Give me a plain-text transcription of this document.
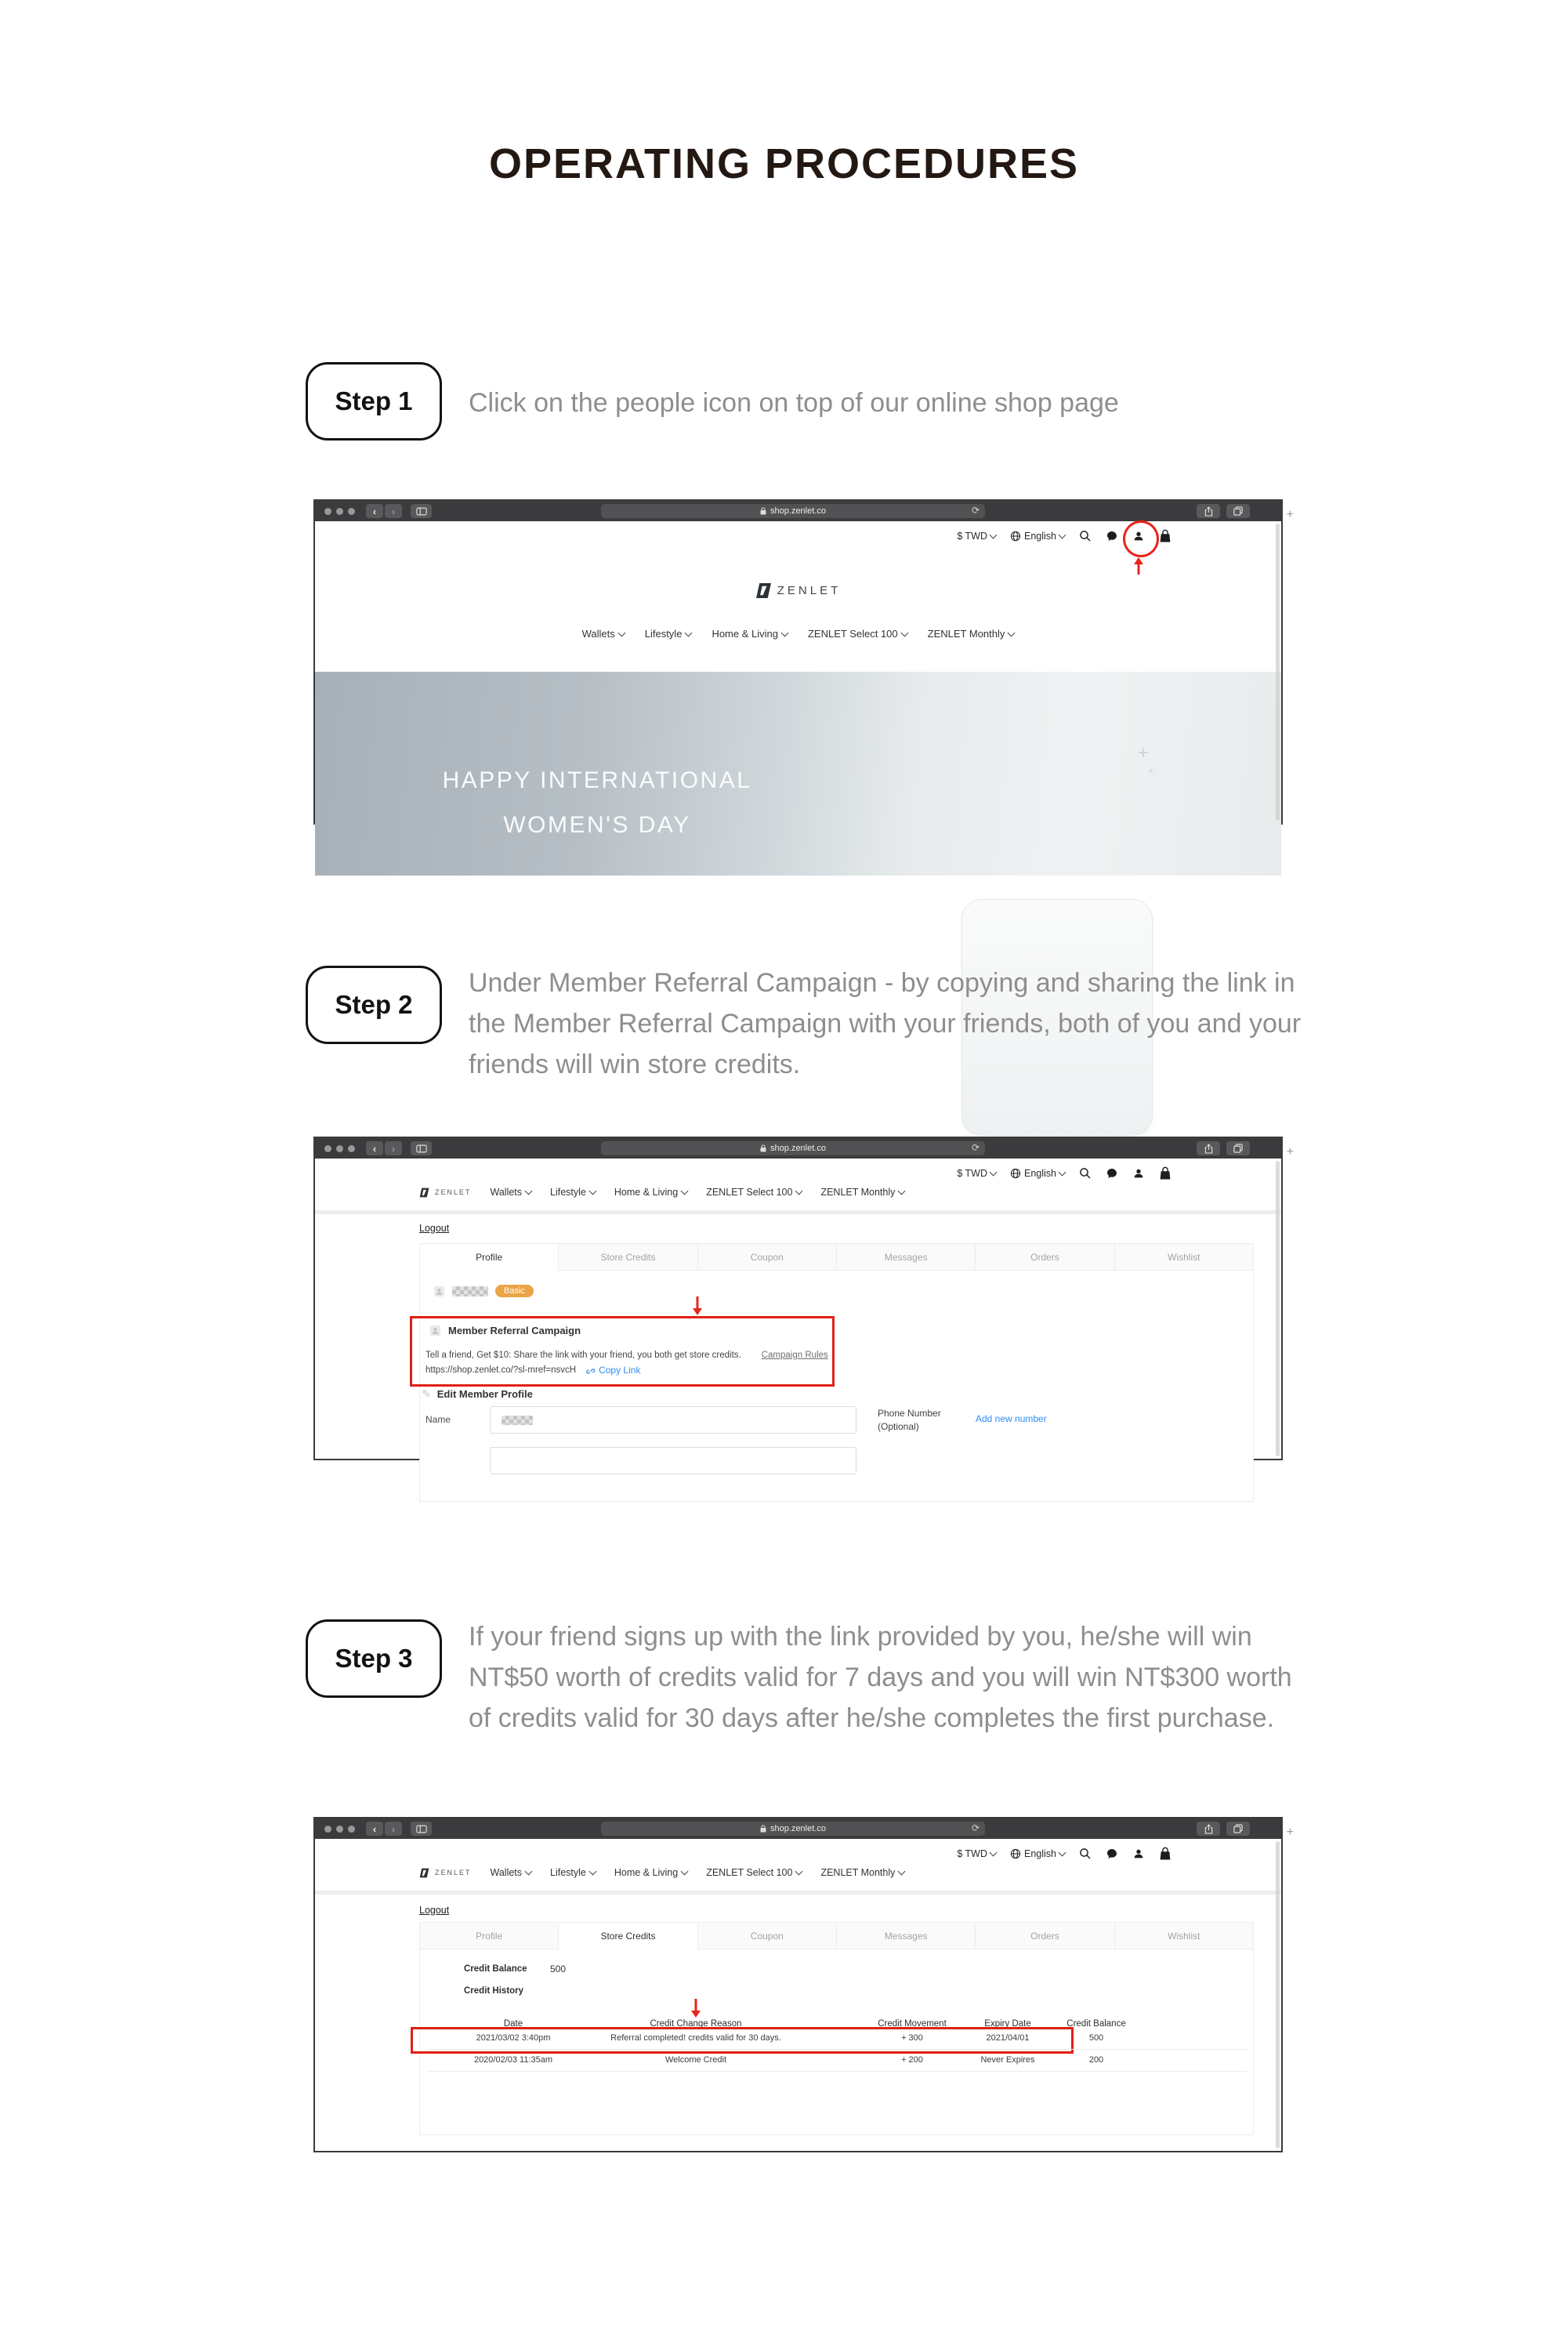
OPERATING PROCEDURES
Step 1 Click on the people icon on top of our online shop page
‹ ›	shop.zenlet.co	⟳	+
$ TWD	English
ZENLET
Wallets	Lifestyle	Home & Living	ZENLET Select 100	ZENLET Monthly
HAPPY INTERNATIONAL
WOMEN'S DAY
+
+
Step 2
Under Member Referral Campaign - by copying and sharing the link in the Member Referral Campaign with your friends, both of you and your friends will win store credits.
‹ ›	shop.zenlet.co	⟳	+
$ TWD	English
ZENLET Wallets	Lifestyle	Home & Living	ZENLET Select 100	ZENLET Monthly
Logout
Profile	Store Credits	Coupon	Messages	Orders	Wishlist
Basic
Member Referral Campaign
Tell a friend, Get $10: Share the link with your friend, you both get store credits. Campaign Rules
https://shop.zenlet.co/?sl-mref=nsvcH Copy Link
✎ Edit Member Profile
Name
Phone Number
(Optional)
Add new number
Step 3
If your friend signs up with the link provided by you, he/she will win NT$50 worth of credits valid for 7 days and you will win NT$300 worth of credits valid for 30 days after he/she completes the first purchase.
‹ ›	shop.zenlet.co	⟳	+
$ TWD	English
ZENLET Wallets	Lifestyle	Home & Living	ZENLET Select 100	ZENLET Monthly
Logout
Profile	Store Credits	Coupon	Messages	Orders	Wishlist
Credit Balance 500
Credit History
Date	Credit Change Reason	Credit Movement	Expiry Date	Credit Balance
2021/03/02 3:40pm	Referral completed! credits valid for 30 days.	+ 300	2021/04/01	500
2020/02/03 11:35am	Welcome Credit	+ 200	Never Expires	200
